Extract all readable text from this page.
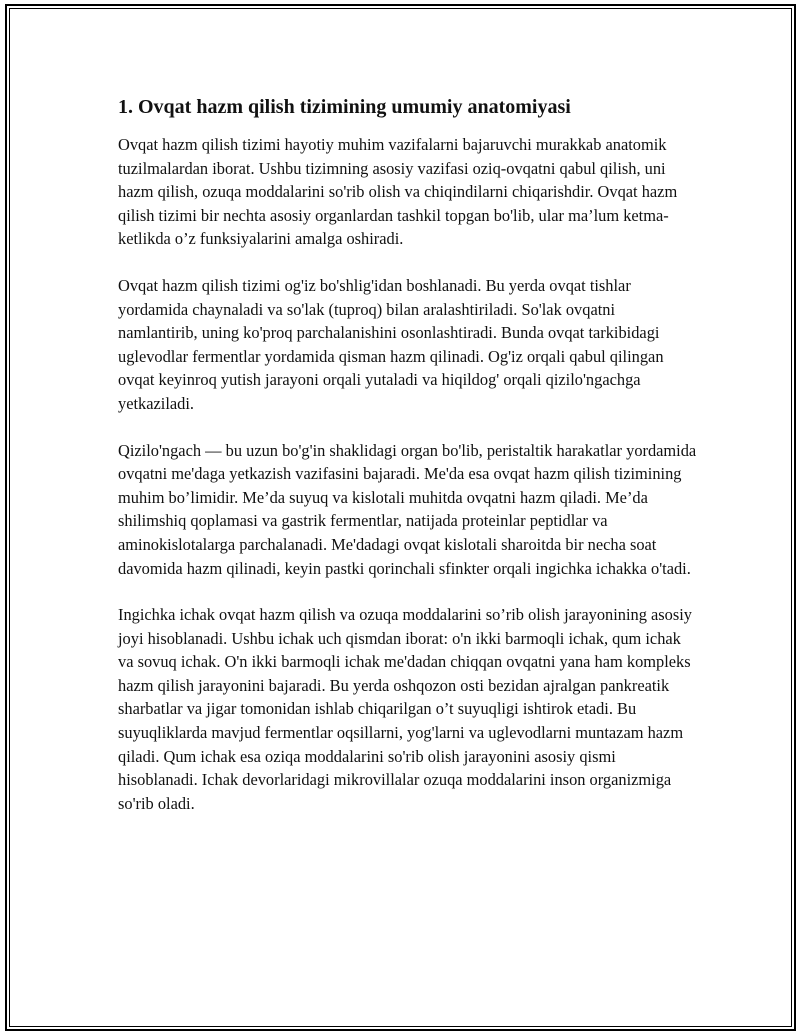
1. Ovqat hazm qilish tizimining umumiy anatomiyasi

Ovqat hazm qilish tizimi hayotiy muhim vazifalarni bajaruvchi murakkab anatomik tuzilmalardan iborat. Ushbu tizimning asosiy vazifasi oziq-ovqatni qabul qilish, uni hazm qilish, ozuqa moddalarini so'rib olish va chiqindilarni chiqarishdir. Ovqat hazm qilish tizimi bir nechta asosiy organlardan tashkil topgan bo'lib, ular ma’lum ketma-ketlikda o’z funksiyalarini amalga oshiradi.

Ovqat hazm qilish tizimi og'iz bo'shlig'idan boshlanadi. Bu yerda ovqat tishlar yordamida chaynaladi va so'lak (tuproq) bilan aralashtiriladi. So'lak ovqatni namlantirib, uning ko'proq parchalanishini osonlashtiradi. Bunda ovqat tarkibidagi uglevodlar fermentlar yordamida qisman hazm qilinadi. Og'iz orqali qabul qilingan ovqat keyinroq yutish jarayoni orqali yutaladi va hiqildog' orqali qizilo'ngachga yetkaziladi.

Qizilo'ngach — bu uzun bo'g'in shaklidagi organ bo'lib, peristaltik harakatlar yordamida ovqatni me'daga yetkazish vazifasini bajaradi. Me'da esa ovqat hazm qilish tizimining muhim bo’limidir. Me’da suyuq va kislotali muhitda ovqatni hazm qiladi. Me’da shilimshiq qoplamasi va gastrik fermentlar, natijada proteinlar peptidlar va aminokislotalarga parchalanadi. Me'dadagi ovqat kislotali sharoitda bir necha soat davomida hazm qilinadi, keyin pastki qorinchali sfinkter orqali ingichka ichakka o'tadi.

Ingichka ichak ovqat hazm qilish va ozuqa moddalarini so’rib olish jarayonining asosiy joyi hisoblanadi. Ushbu ichak uch qismdan iborat: o'n ikki barmoqli ichak, qum ichak va sovuq ichak. O'n ikki barmoqli ichak me'dadan chiqqan ovqatni yana ham kompleks hazm qilish jarayonini bajaradi. Bu yerda oshqozon osti bezidan ajralgan pankreatik sharbatlar va jigar tomonidan ishlab chiqarilgan o’t suyuqligi ishtirok etadi. Bu suyuqliklarda mavjud fermentlar oqsillarni, yog'larni va uglevodlarni muntazam hazm qiladi. Qum ichak esa oziqa moddalarini so'rib olish jarayonini asosiy qismi hisoblanadi. Ichak devorlaridagi mikrovillalar ozuqa moddalarini inson organizmiga so'rib oladi.
